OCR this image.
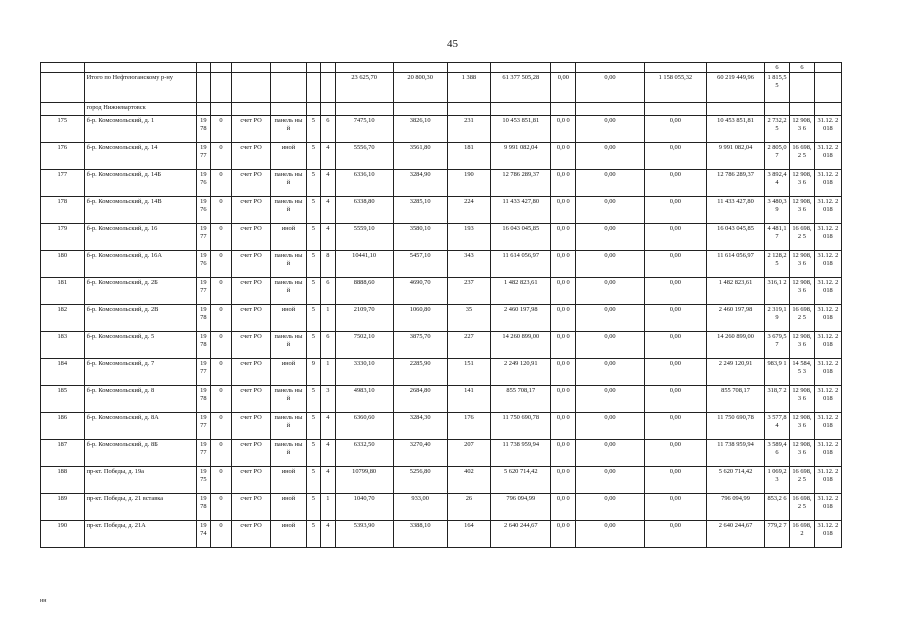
45
																6	6	
	Итого по Нефтеюганскому р-ну							23 625,70	20 800,30	1 388	61 377 505,28	0,00	0,00	1 158 055,32	60 219 449,96	1 815,5 5		
	город Нижневартовск																	
175	б-р. Комсомольский, д. 1	19 78	0	счет РО	панель ный	5	6	7475,10	3826,10	231	10 453 851,81	0,0 0	0,00	0,00	10 453 851,81	2 732,2 5	12 908,3 6	31.12. 2018
176	б-р. Комсомольский, д. 14	19 77	0	счет РО	иной	5	4	5556,70	3561,80	181	9 991 082,04	0,0 0	0,00	0,00	9 991 082,04	2 805,0 7	16 698,2 5	31.12. 2018
177	б-р. Комсомольский, д. 14Б	19 76	0	счет РО	панель ный	5	4	6336,10	3284,90	190	12 786 289,37	0,0 0	0,00	0,00	12 786 289,37	3 892,4 4	12 908,3 6	31.12. 2018
178	б-р. Комсомольский, д. 14В	19 76	0	счет РО	панель ный	5	4	6338,80	3285,10	224	11 433 427,80	0,0 0	0,00	0,00	11 433 427,80	3 480,3 9	12 908,3 6	31.12. 2018
179	б-р. Комсомольский, д. 16	19 77	0	счет РО	иной	5	4	5559,10	3580,10	193	16 043 045,85	0,0 0	0,00	0,00	16 043 045,85	4 481,1 7	16 698,2 5	31.12. 2018
180	б-р. Комсомольский, д. 16А	19 76	0	счет РО	панель ный	5	8	10441,10	5457,10	343	11 614 056,97	0,0 0	0,00	0,00	11 614 056,97	2 128,2 5	12 908,3 6	31.12. 2018
181	б-р. Комсомольский, д. 2Б	19 77	0	счет РО	панель ный	5	6	8888,60	4690,70	237	1 482 823,61	0,0 0	0,00	0,00	1 482 823,61	316,1 2	12 908,3 6	31.12. 2018
182	б-р. Комсомольский, д. 2В	19 78	0	счет РО	иной	5	1	2109,70	1060,80	35	2 460 197,98	0,0 0	0,00	0,00	2 460 197,98	2 319,1 9	16 698,2 5	31.12. 2018
183	б-р. Комсомольский, д. 5	19 78	0	счет РО	панель ный	5	6	7502,10	3875,70	227	14 260 899,00	0,0 0	0,00	0,00	14 260 899,00	3 679,5 7	12 908,3 6	31.12. 2018
184	б-р. Комсомольский, д. 7	19 77	0	счет РО	иной	9	1	3330,10	2285,90	151	2 249 120,91	0,0 0	0,00	0,00	2 249 120,91	983,9 1	14 584,5 3	31.12. 2018
185	б-р. Комсомольский, д. 8	19 78	0	счет РО	панель ный	5	3	4983,10	2684,80	141	855 708,17	0,0 0	0,00	0,00	855 708,17	318,7 2	12 908,3 6	31.12. 2018
186	б-р. Комсомольский, д. 8А	19 77	0	счет РО	панель ный	5	4	6360,60	3284,30	176	11 750 690,78	0,0 0	0,00	0,00	11 750 690,78	3 577,8 4	12 908,3 6	31.12. 2018
187	б-р. Комсомольский, д. 8Б	19 77	0	счет РО	панель ный	5	4	6332,50	3270,40	207	11 738 959,94	0,0 0	0,00	0,00	11 738 959,94	3 589,4 6	12 908,3 6	31.12. 2018
188	пр-кт. Победы, д. 19а	19 75	0	счет РО	иной	5	4	10799,80	5256,80	402	5 620 714,42	0,0 0	0,00	0,00	5 620 714,42	1 069,2 3	16 698,2 5	31.12. 2018
189	пр-кт. Победы, д. 21 вставка	19 78	0	счет РО	иной	5	1	1040,70	933,00	26	796 094,99	0,0 0	0,00	0,00	796 094,99	853,2 6	16 698,2 5	31.12. 2018
190	пр-кт. Победы, д. 21А	19 74	0	счет РО	иной	5	4	5393,90	3388,10	164	2 640 244,67	0,0 0	0,00	0,00	2 640 244,67	779,2 7	16 698,2	31.12. 2018
нн
